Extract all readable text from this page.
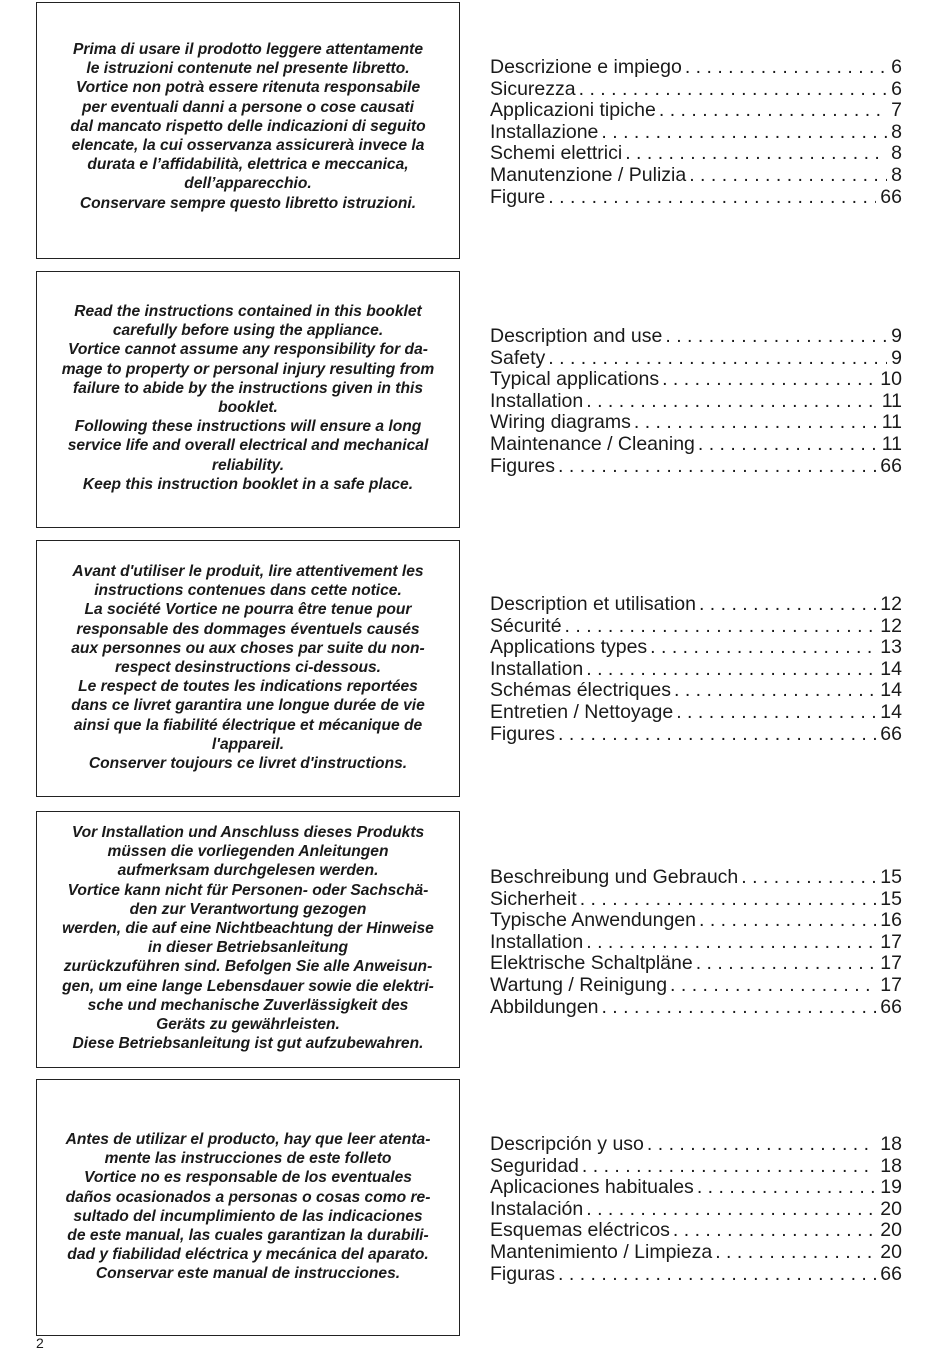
Prima di usare il prodotto leggere attentamente
le istruzioni contenute nel presente libretto.
Vortice non potrà essere ritenuta responsabile
per eventuali danni a persone o cose causati
dal mancato rispetto delle indicazioni di seguito
elencate, la cui osservanza assicurerà invece la
durata e l’affidabilità, elettrica e meccanica,
dell’apparecchio.
Conservare sempre questo libretto istruzioni.
Descrizione e impiego . . .	6
Sicurezza . . .	6
Applicazioni tipiche . . .	7
Installazione . . .	8
Schemi elettrici . . .	8
Manutenzione / Pulizia . . .	8
Figure . . .	66
Read the instructions contained in this booklet
carefully before using the appliance.
Vortice cannot assume any responsibility for da-
mage to property or personal injury resulting from
failure to abide by the instructions given in this
booklet.
Following these instructions will ensure a long
service life and overall electrical and mechanical
reliability.
Keep this instruction booklet in a safe place.
Description and use . . .	9
Safety . . .	9
Typical applications . . .	10
Installation . . .	11
Wiring diagrams . . .	11
Maintenance / Cleaning . . .	11
Figures . . .	66
Avant d'utiliser le produit, lire attentivement les
instructions contenues dans cette notice.
La société Vortice ne pourra être tenue pour
responsable des dommages éventuels causés
aux personnes ou aux choses par suite du non-
respect desinstructions ci-dessous.
Le respect de toutes les indications reportées
dans ce livret garantira une longue durée de vie
ainsi que la fiabilité électrique et mécanique de
l'appareil.
Conserver toujours ce livret d'instructions.
Description et utilisation . . .	12
Sécurité . . .	12
Applications types . . .	13
Installation . . .	14
Schémas électriques . . .	14
Entretien / Nettoyage . . .	14
Figures . . .	66
Vor Installation und Anschluss dieses Produkts
müssen die vorliegenden Anleitungen
aufmerksam durchgelesen werden.
Vortice kann nicht für Personen- oder Sachschä-
den zur Verantwortung gezogen
werden, die auf eine Nichtbeachtung der Hinweise
in dieser Betriebsanleitung
zurückzuführen sind. Befolgen Sie alle Anweisun-
gen, um eine lange Lebensdauer sowie die elektri-
sche und mechanische Zuverlässigkeit des
Geräts zu gewährleisten.
Diese Betriebsanleitung ist gut aufzubewahren.
Beschreibung und Gebrauch . . .	15
Sicherheit . . .	15
Typische Anwendungen . . .	16
Installation . . .	17
Elektrische Schaltpläne . . .	17
Wartung / Reinigung . . .	17
Abbildungen . . .	66
Antes de utilizar el producto, hay que leer atenta-
mente las instrucciones de este folleto
Vortice no es responsable de los eventuales
daños ocasionados a personas o cosas como re-
sultado del incumplimiento de las indicaciones
de este manual, las cuales garantizan la durabili-
dad y fiabilidad eléctrica y mecánica del aparato.
Conservar este manual de instrucciones.
Descripción y uso . . .	18
Seguridad . . .	18
Aplicaciones habituales . . .	19
Instalación . . .	20
Esquemas eléctricos . . .	20
Mantenimiento / Limpieza . . .	20
Figuras . . .	66
2
